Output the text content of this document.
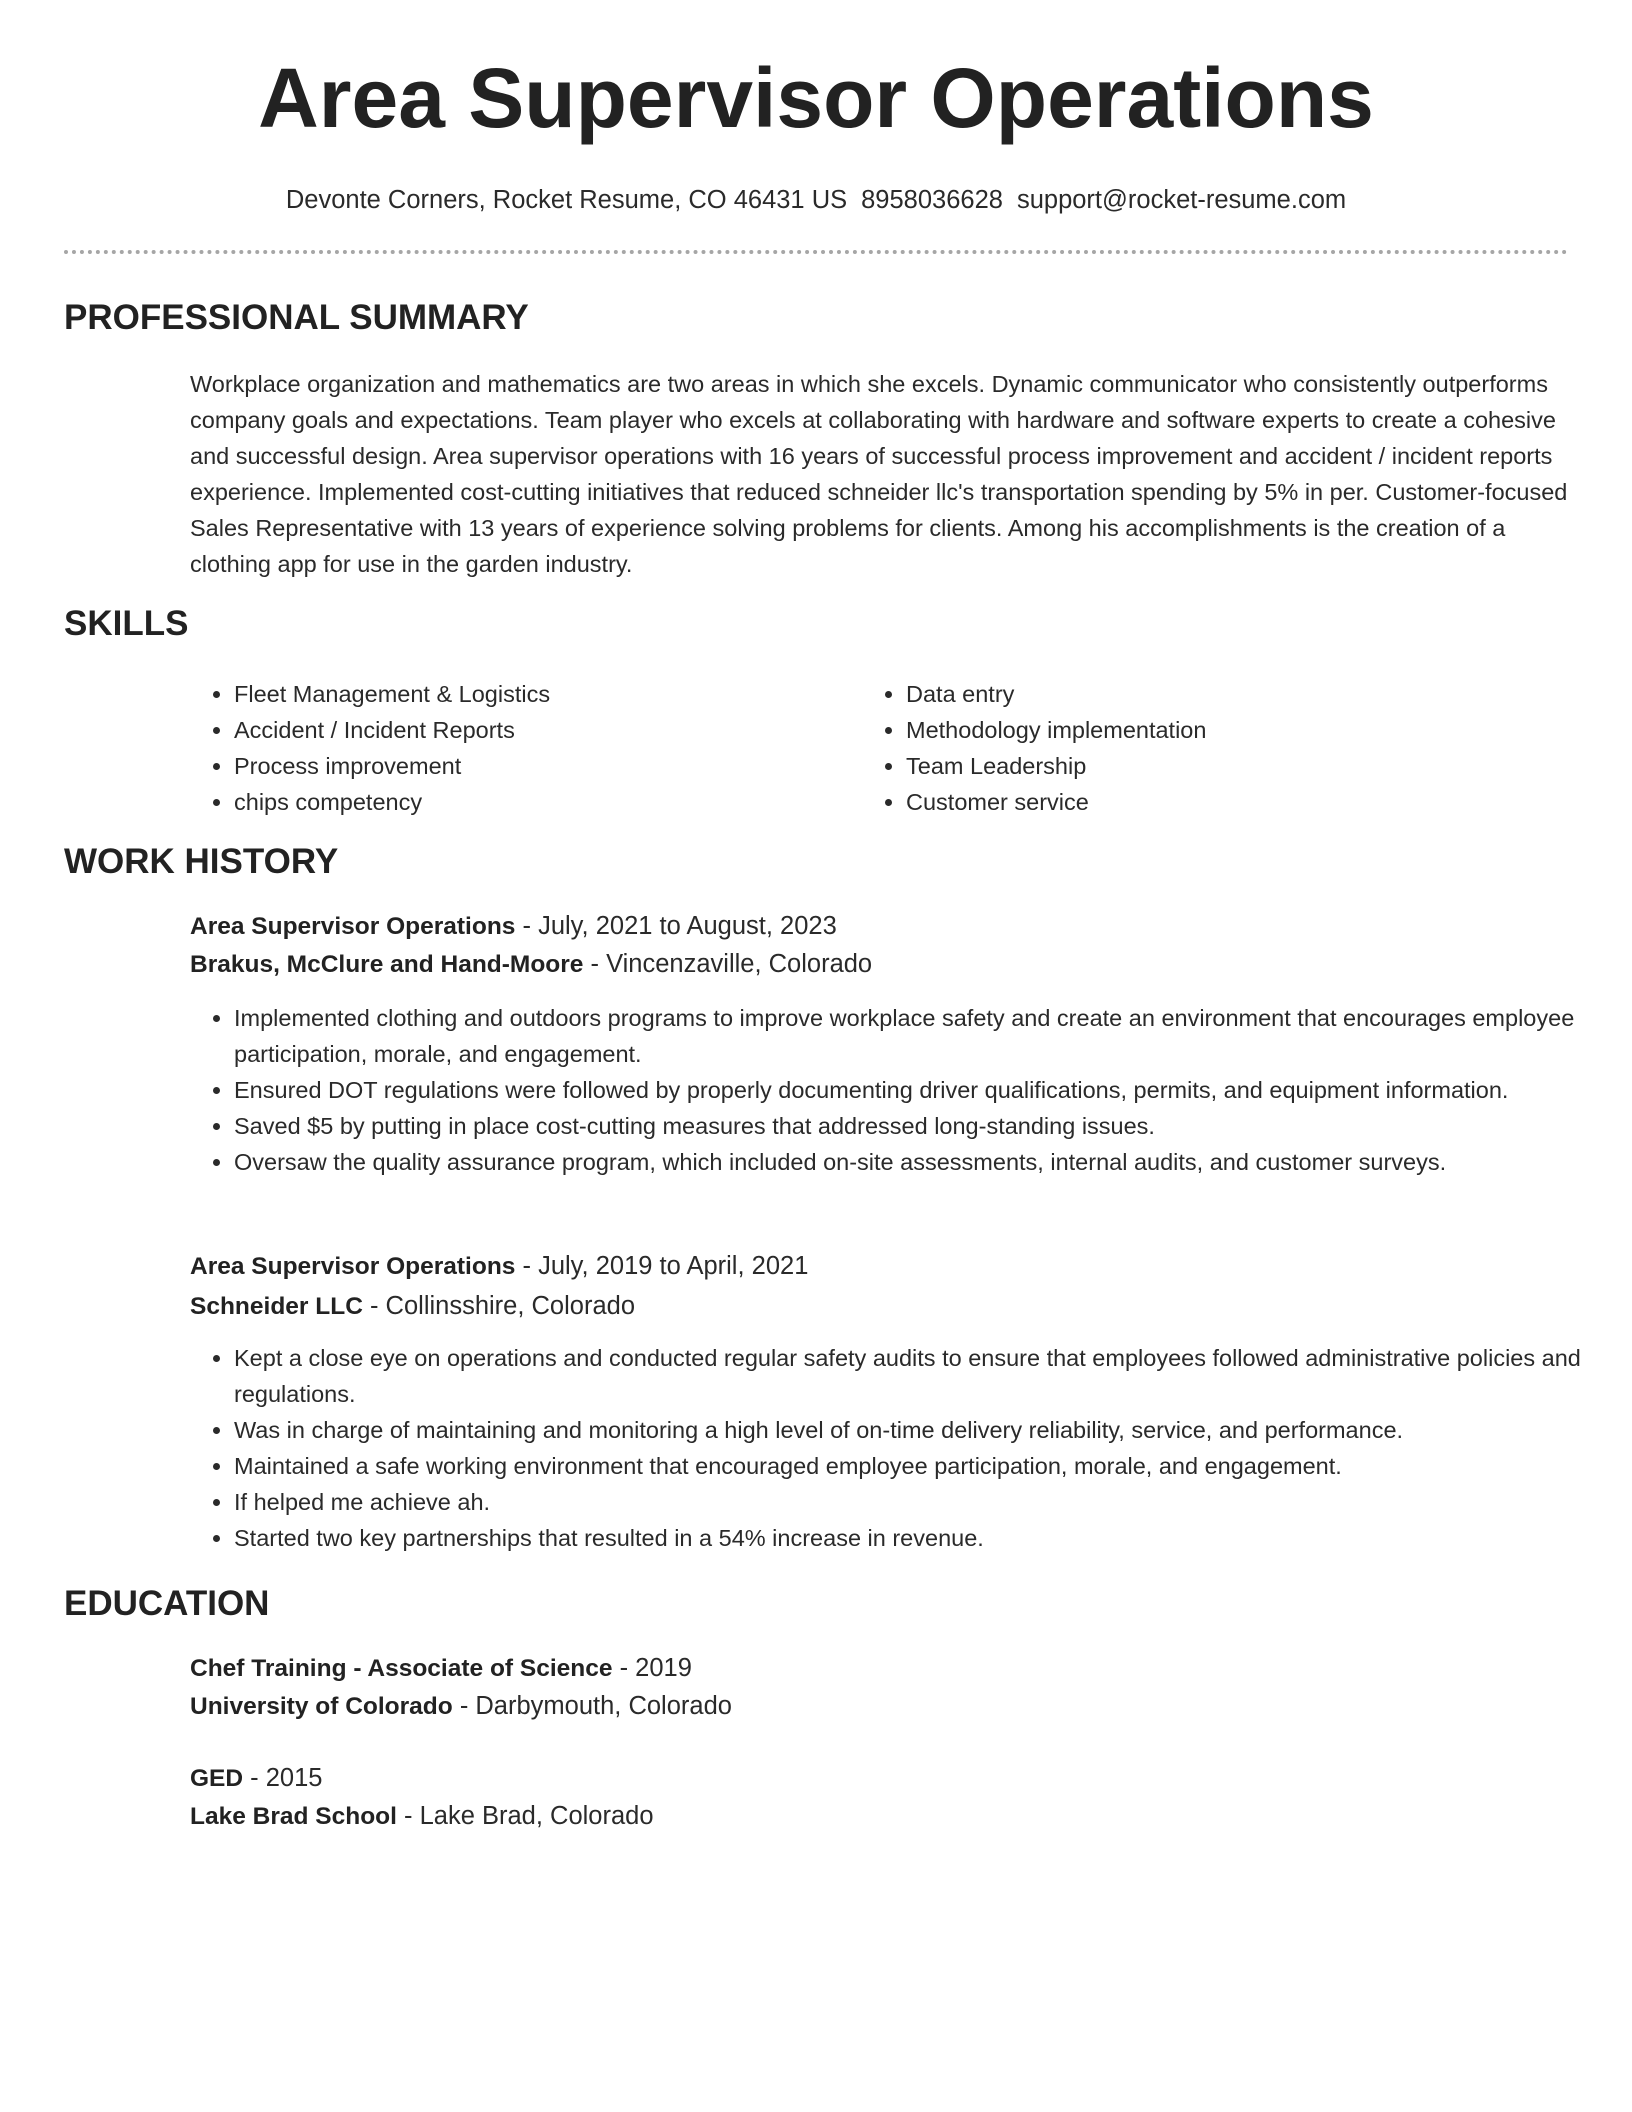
Area Supervisor Operations
Devonte Corners, Rocket Resume, CO 46431 US 8958036628 support@rocket-resume.com
PROFESSIONAL SUMMARY

Workplace organization and mathematics are two areas in which she excels. Dynamic communicator who consistently outperforms company goals and expectations. Team player who excels at collaborating with hardware and software experts to create a cohesive and successful design. Area supervisor operations with 16 years of successful process improvement and accident / incident reports experience. Implemented cost-cutting initiatives that reduced schneider llc's transportation spending by 5% in per. Customer-focused Sales Representative with 13 years of experience solving problems for clients. Among his accomplishments is the creation of a clothing app for use in the garden industry.

SKILLS
• Fleet Management & Logistics
• Accident / Incident Reports
• Process improvement
• chips competency
• Data entry
• Methodology implementation
• Team Leadership
• Customer service
WORK HISTORY
Area Supervisor Operations - July, 2021 to August, 2023
Brakus, McClure and Hand-Moore - Vincenzaville, Colorado
• Implemented clothing and outdoors programs to improve workplace safety and create an environment that encourages employee participation, morale, and engagement.
• Ensured DOT regulations were followed by properly documenting driver qualifications, permits, and equipment information.
• Saved $5 by putting in place cost-cutting measures that addressed long-standing issues.
• Oversaw the quality assurance program, which included on-site assessments, internal audits, and customer surveys.
Area Supervisor Operations - July, 2019 to April, 2021
Schneider LLC - Collinsshire, Colorado
• Kept a close eye on operations and conducted regular safety audits to ensure that employees followed administrative policies and regulations.
• Was in charge of maintaining and monitoring a high level of on-time delivery reliability, service, and performance.
• Maintained a safe working environment that encouraged employee participation, morale, and engagement.
• If helped me achieve ah.
• Started two key partnerships that resulted in a 54% increase in revenue.
EDUCATION
Chef Training - Associate of Science - 2019
University of Colorado - Darbymouth, Colorado
GED - 2015
Lake Brad School - Lake Brad, Colorado
